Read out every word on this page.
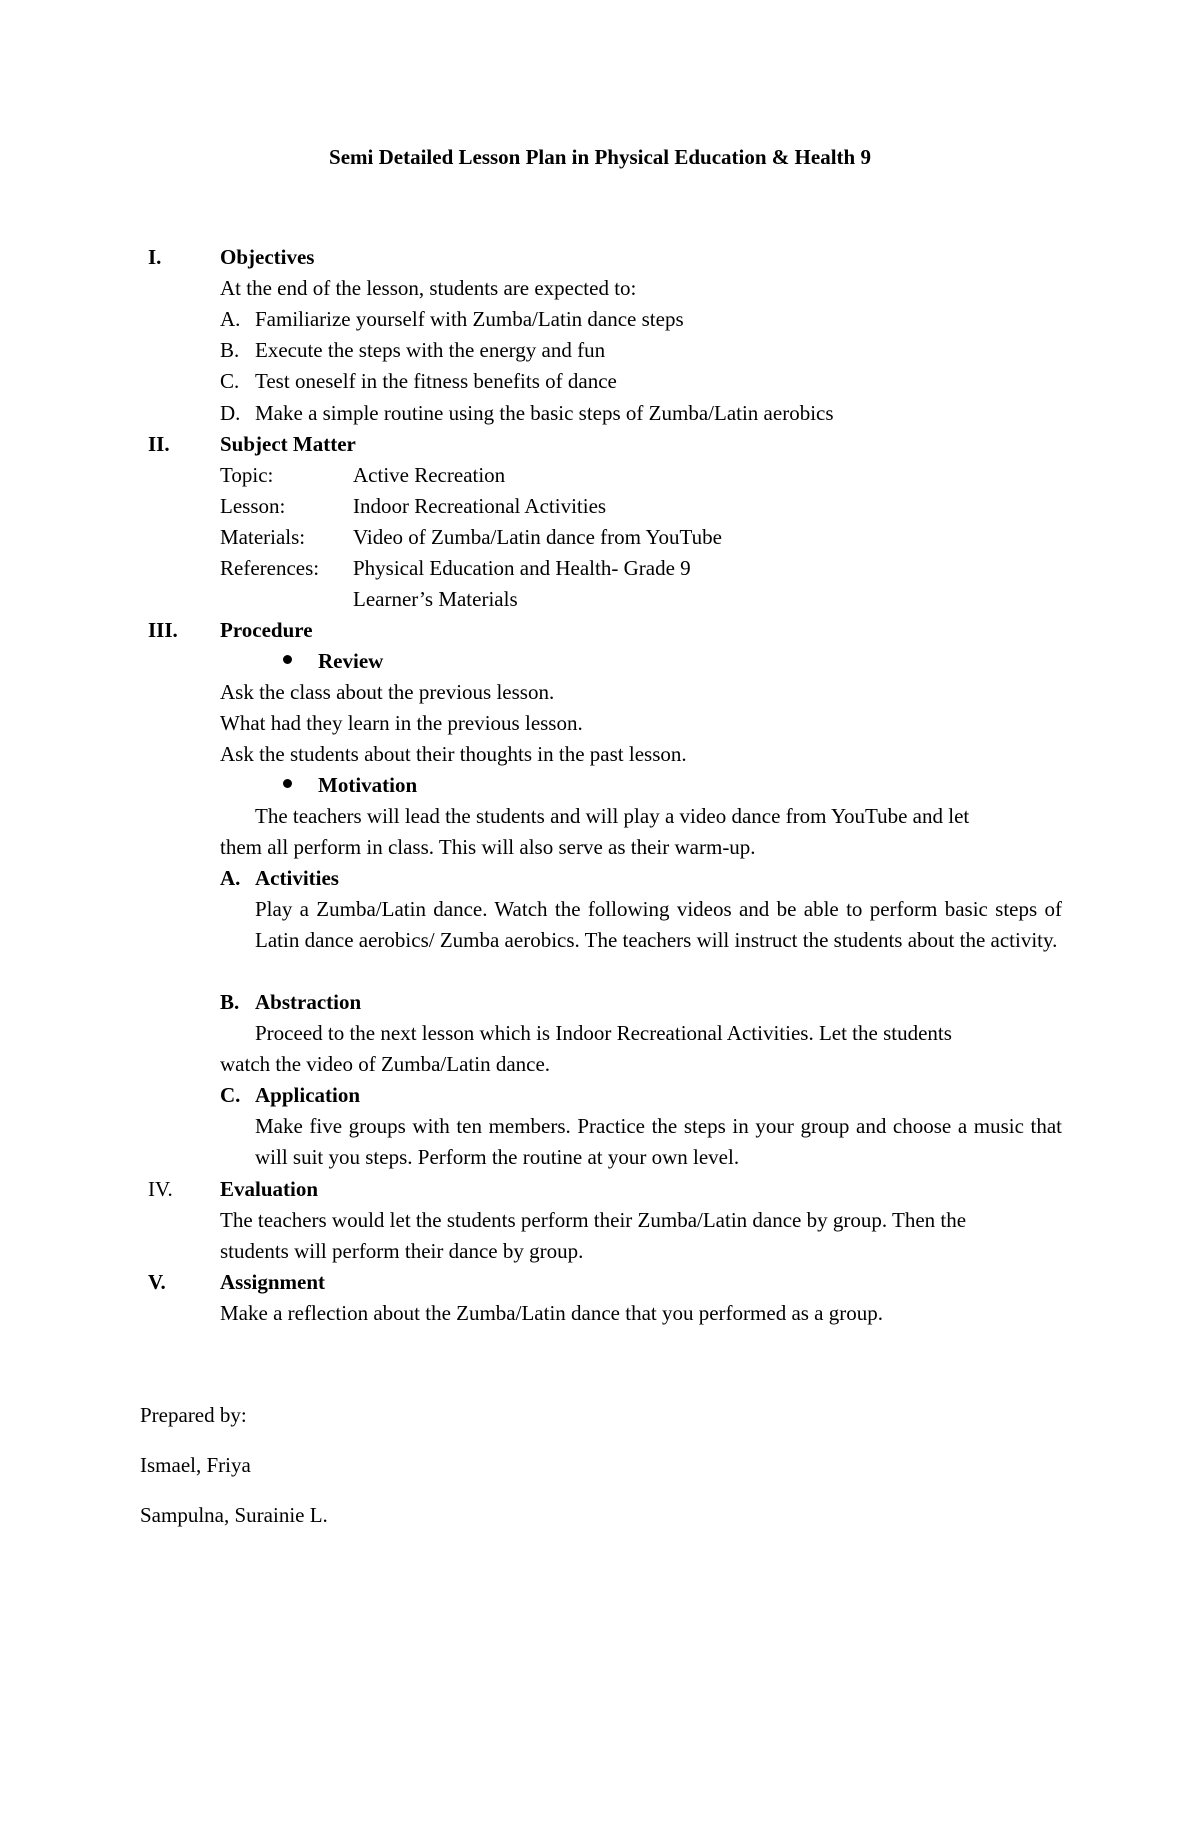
Semi Detailed Lesson Plan in Physical Education & Health 9
I.	Objectives
At the end of the lesson, students are expected to:
A. Familiarize yourself with Zumba/Latin dance steps
B. Execute the steps with the energy and fun
C. Test oneself in the fitness benefits of dance
D. Make a simple routine using the basic steps of Zumba/Latin aerobics
II. Subject Matter
Topic:	Active Recreation
Lesson:	Indoor Recreational Activities
Materials: Video of Zumba/Latin dance from YouTube
References: Physical Education and Health- Grade 9
Learner’s Materials
III. Procedure
Review
Ask the class about the previous lesson.
What had they learn in the previous lesson.
Ask the students about their thoughts in the past lesson.
Motivation
The teachers will lead the students and will play a video dance from YouTube and let
them all perform in class. This will also serve as their warm-up.
A. Activities
Play a Zumba/Latin dance. Watch the following videos and be able to perform basic steps of Latin dance aerobics/ Zumba aerobics. The teachers will instruct the students about the activity.
B. Abstraction
Proceed to the next lesson which is Indoor Recreational Activities. Let the students
watch the video of Zumba/Latin dance.
C. Application
Make five groups with ten members. Practice the steps in your group and choose a music that will suit you steps. Perform the routine at your own level.
IV. Evaluation
The teachers would let the students perform their Zumba/Latin dance by group. Then the
students will perform their dance by group.
V.	Assignment
Make a reflection about the Zumba/Latin dance that you performed as a group.
Prepared by:
Ismael, Friya
Sampulna, Surainie L.
